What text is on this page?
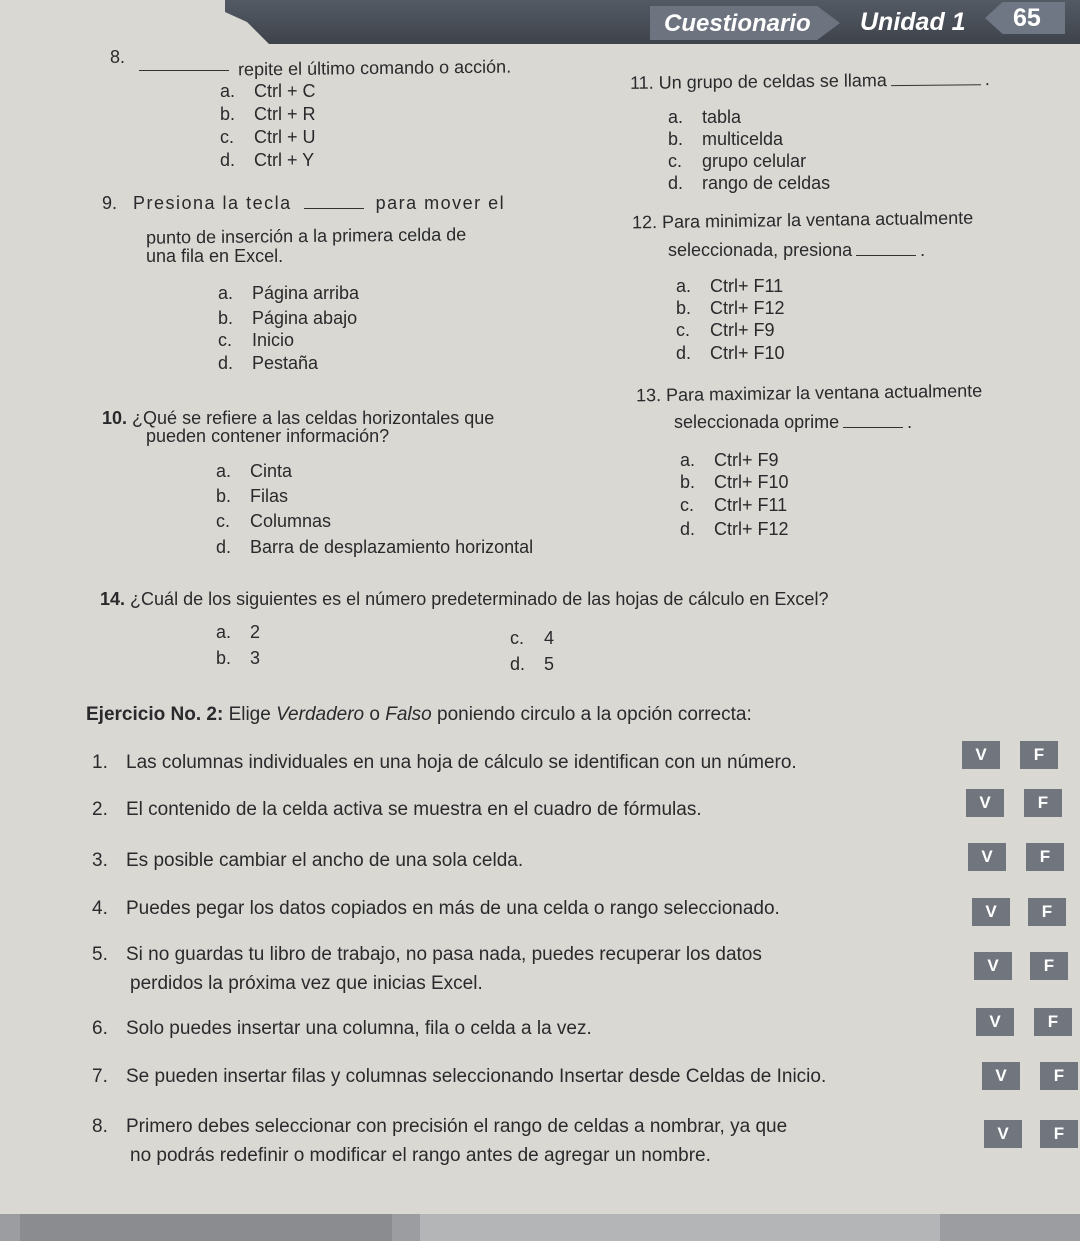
Cuestionario Unidad 1 65
8.	repite el último comando o acción.
a. Ctrl + C
b. Ctrl + R
c. Ctrl + U
d. Ctrl + Y
11. Un grupo de celdas se llama	.
a. tabla
b. multicelda
c. grupo celular
d. rango de celdas
9. Presiona la tecla	para mover el
punto de inserción a la primera celda de
una fila en Excel.
a. Página arriba
b. Página abajo
c. Inicio
d. Pestaña
12. Para minimizar la ventana actualmente
seleccionada, presiona	.
a. Ctrl+ F11
b. Ctrl+ F12
c. Ctrl+ F9
d. Ctrl+ F10
13. Para maximizar la ventana actualmente
seleccionada oprime	.
a. Ctrl+ F9
b. Ctrl+ F10
c. Ctrl+ F11
d. Ctrl+ F12
10. ¿Qué se refiere a las celdas horizontales que
pueden contener información?
a. Cinta
b. Filas
c. Columnas
d. Barra de desplazamiento horizontal
14. ¿Cuál de los siguientes es el número predeterminado de las hojas de cálculo en Excel?
a. 2
b. 3
c. 4
d. 5
Ejercicio No. 2: Elige Verdadero o Falso poniendo circulo a la opción correcta:
1. Las columnas individuales en una hoja de cálculo se identifican con un número.	V	F
2. El contenido de la celda activa se muestra en el cuadro de fórmulas.	V	F
3. Es posible cambiar el ancho de una sola celda.	V	F
4. Puedes pegar los datos copiados en más de una celda o rango seleccionado.	V	F
5. Si no guardas tu libro de trabajo, no pasa nada, puedes recuperar los datos
perdidos la próxima vez que inicias Excel.
V	F
6. Solo puedes insertar una columna, fila o celda a la vez.	V	F
7. Se pueden insertar filas y columnas seleccionando Insertar desde Celdas de Inicio.	V	F
8. Primero debes seleccionar con precisión el rango de celdas a nombrar, ya que
no podrás redefinir o modificar el rango antes de agregar un nombre.
V	F
